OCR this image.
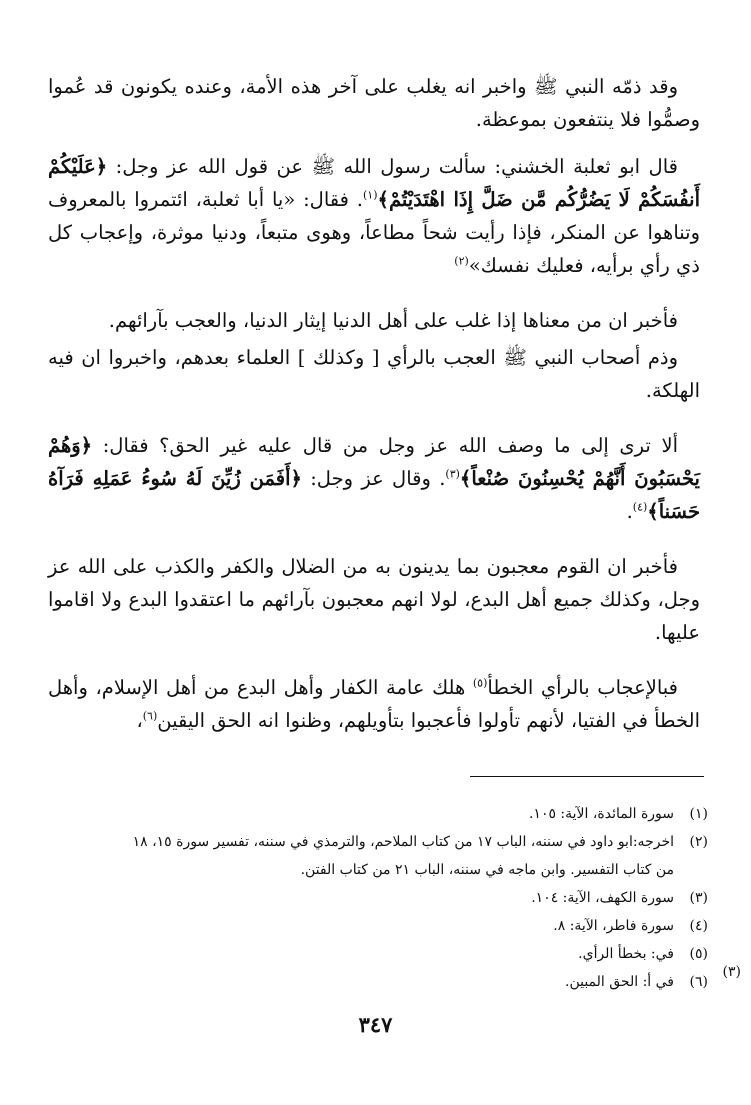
وقد ذمّه النبي ﷺ واخبر انه يغلب على آخر هذه الأمة، وعنده يكونون قد عُموا وصمُّوا فلا ينتفعون بموعظة.

قال ابو ثعلبة الخشني: سألت رسول الله ﷺ عن قول الله عز وجل: ﴿عَلَيْكُمْ أَنفُسَكُمْ لَا يَضُرُّكُم مَّن ضَلَّ إِذَا اهْتَدَيْتُمْ﴾$^{(١)}$. فقال: «يا أبا ثعلبة، ائتمروا بالمعروف وتناهوا عن المنكر، فإذا رأيت شحاً مطاعاً، وهوى متبعاً، ودنيا موثرة، وإعجاب كل ذي رأي برأيه، فعليك نفسك»$^{(٢)}$

فأخبر ان من معناها إذا غلب على أهل الدنيا إيثار الدنيا، والعجب بآرائهم.

وذم أصحاب النبي ﷺ العجب بالرأي [ وكذلك ] العلماء بعدهم، واخبروا ان فيه الهلكة.

ألا ترى إلى ما وصف الله عز وجل من قال عليه غير الحق؟ فقال: ﴿وَهُمْ يَحْسَبُونَ أَنَّهُمْ يُحْسِنُونَ صُنْعاً﴾$^{(٣)}$. وقال عز وجل: ﴿أَفَمَن زُيِّنَ لَهُ سُوءُ عَمَلِهِ فَرَآهُ حَسَناً﴾$^{(٤)}$.

فأخبر ان القوم معجبون بما يدينون به من الضلال والكفر والكذب على الله عز وجل، وكذلك جميع أهل البدع، لولا انهم معجبون بآرائهم ما اعتقدوا البدع ولا اقاموا عليها.

فبالإعجاب بالرأي الخطأ$^{(٥)}$ هلك عامة الكفار وأهل البدع من أهل الإسلام، وأهل الخطأ في الفتيا، لأنهم تأولوا فأعجبوا بتأويلهم، وظنوا انه الحق اليقين$^{(٦)}$،

(١)سورة المائدة، الآية: ١٠٥.

(٢)اخرجه:ابو داود في سننه، الباب ١٧ من كتاب الملاحم، والترمذي في سننه، تفسير سورة ١٥، ١٨

من كتاب التفسير. وابن ماجه في سننه، الباب ٢١ من كتاب الفتن.

(٣)سورة الكهف، الآية: ١٠٤.

(٤)سورة فاطر، الآية: ٨.

(٥)في: بخطأ الرأي.

(٦)في أ: الحق المبين.

(٣)
٣٤٧
